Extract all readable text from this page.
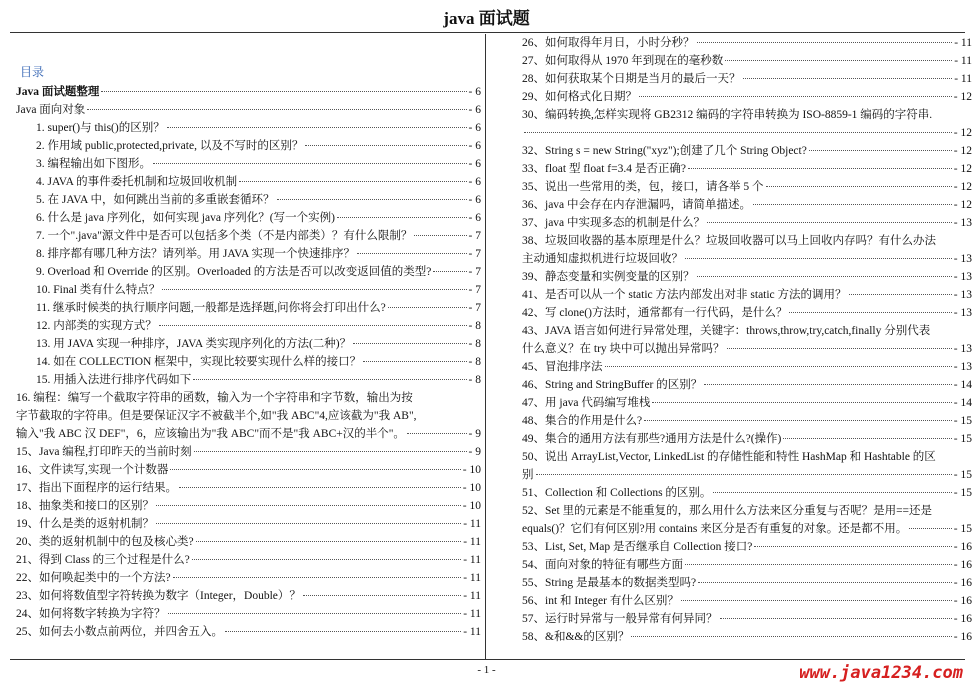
java 面试题
目录
Java 面试题整理	- 6
Java 面向对象	- 6
1. super()与 this()的区别？	- 6
2. 作用域 public,protected,private, 以及不写时的区别？	- 6
3. 编程输出如下图形。	- 6
4. JAVA 的事件委托机制和垃圾回收机制	- 6
5. 在 JAVA 中，如何跳出当前的多重嵌套循环？	- 6
6. 什么是 java 序列化，如何实现 java 序列化？(写一个实例)	- 6
7. 一个".java"源文件中是否可以包括多个类（不是内部类）？有什么限制？	- 7
8. 排序都有哪几种方法？请列举。用 JAVA 实现一个快速排序？	- 7
9. Overload 和 Override 的区别。Overloaded 的方法是否可以改变返回值的类型?	- 7
10. Final 类有什么特点？	- 7
11. 继承时候类的执行顺序问题,一般都是选择题,问你将会打印出什么?	- 7
12. 内部类的实现方式？	- 8
13. 用 JAVA 实现一种排序，JAVA 类实现序列化的方法(二种)？	- 8
14. 如在 COLLECTION 框架中，实现比较要实现什么样的接口？	- 8
15. 用插入法进行排序代码如下	- 8
16. 编程：编写一个截取字符串的函数，输入为一个字符串和字节数，输出为按
字节截取的字符串。但是要保证汉字不被截半个,如"我 ABC"4,应该截为"我 AB",
输入"我 ABC 汉 DEF"，6，应该输出为"我 ABC"而不是"我 ABC+汉的半个"。	- 9
15、Java 编程,打印昨天的当前时刻	- 9
16、文件读写,实现一个计数器	- 10
17、指出下面程序的运行结果。	- 10
18、抽象类和接口的区别？	- 10
19、什么是类的返射机制？	- 11
20、类的返射机制中的包及核心类?	- 11
21、得到 Class 的三个过程是什么?	- 11
22、如何唤起类中的一个方法?	- 11
23、如何将数值型字符转换为数字（Integer，Double）？	- 11
24、如何将数字转换为字符？	- 11
25、如何去小数点前两位，并四舍五入。	- 11
26、如何取得年月日，小时分秒？	- 11
27、如何取得从 1970 年到现在的毫秒数	- 11
28、如何获取某个日期是当月的最后一天？	- 11
29、如何格式化日期？	- 12
30、编码转换,怎样实现将 GB2312 编码的字符串转换为 ISO-8859-1 编码的字符串.
- 12
32、String s = new String("xyz");创建了几个 String Object?	- 12
33、float 型 float f=3.4 是否正确?	- 12
35、说出一些常用的类，包，接口，请各举 5 个	- 12
36、java 中会存在内存泄漏吗，请简单描述。	- 12
37、java 中实现多态的机制是什么？	- 13
38、垃圾回收器的基本原理是什么？垃圾回收器可以马上回收内存吗？有什么办法
主动通知虚拟机进行垃圾回收？	- 13
39、静态变量和实例变量的区别？	- 13
41、是否可以从一个 static 方法内部发出对非 static 方法的调用？	- 13
42、写 clone()方法时，通常都有一行代码，是什么？	- 13
43、JAVA 语言如何进行异常处理，关键字：throws,throw,try,catch,finally 分别代表
什么意义？在 try 块中可以抛出异常吗？	- 13
45、冒泡排序法	- 13
46、String and StringBuffer 的区别？	- 14
47、用 java 代码编写堆栈	- 14
48、集合的作用是什么?	- 15
49、集合的通用方法有那些?通用方法是什么?(操作)	- 15
50、说出 ArrayList,Vector, LinkedList 的存储性能和特性 HashMap 和 Hashtable 的区
别	- 15
51、Collection 和 Collections 的区别。	- 15
52、Set 里的元素是不能重复的，那么用什么方法来区分重复与否呢？是用==还是
equals()？它们有何区别?用 contains 来区分是否有重复的对象。还是都不用。	- 15
53、List, Set, Map 是否继承自 Collection 接口?	- 16
54、面向对象的特征有哪些方面	- 16
55、String 是最基本的数据类型吗?	- 16
56、int 和 Integer 有什么区别？	- 16
57、运行时异常与一般异常有何异同？	- 16
58、&和&&的区别？	- 16
- 1 -	www.java1234.com
